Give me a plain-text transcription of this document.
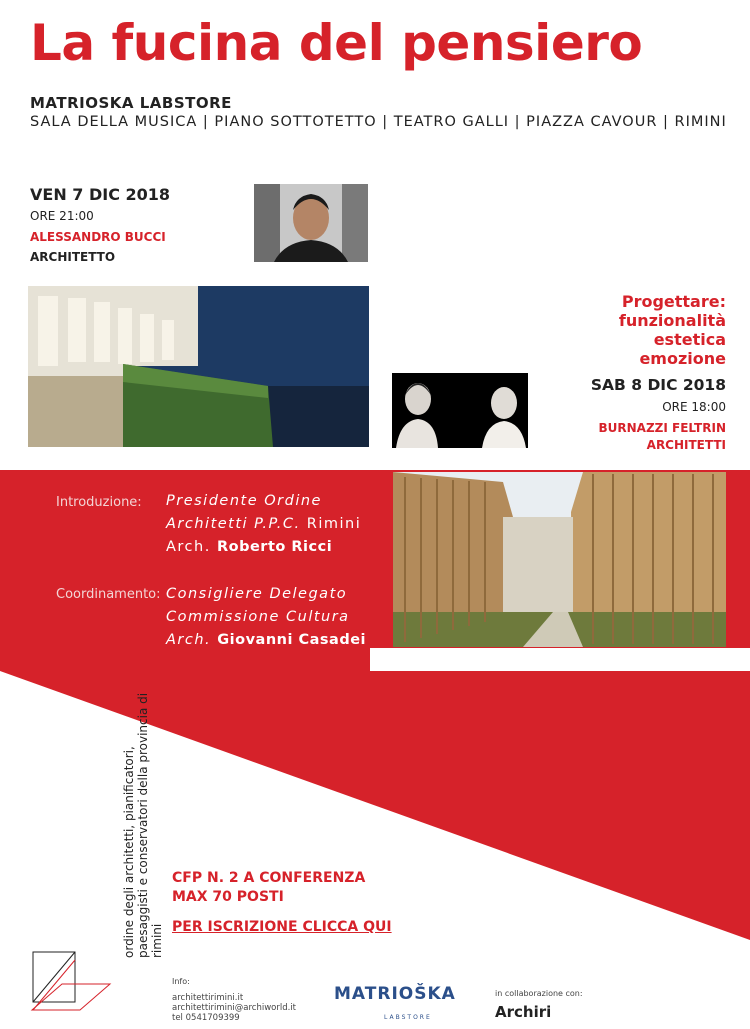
La fucina del pensiero
MATRIOSKA LABSTORE
SALA DELLA MUSICA | PIANO SOTTOTETTO | TEATRO GALLI | PIAZZA CAVOUR | RIMINI
VEN 7 DIC 2018
ORE 21:00
ALESSANDRO BUCCI
ARCHITETTO
Progettare:
funzionalità
estetica
emozione
SAB 8 DIC 2018
ORE 18:00
BURNAZZI FELTRIN
ARCHITETTI
Introduzione: Presidente Ordine
Architetti P.P.C. Rimini
Arch. Roberto Ricci
Coordinamento: Consigliere Delegato
Commissione Cultura
Arch. Giovanni Casadei
ordine degli architetti, pianificatori, paesaggisti e conservatori della provincia di rimini
CFP N. 2 A CONFERENZA
MAX 70 POSTI
PER ISCRIZIONE CLICCA QUI
Info:
architettirimini.it
architettirimini@archiworld.it
tel 0541709399
MATRIOŠKA
LABSTORE
in collaborazione con:
Archiri
